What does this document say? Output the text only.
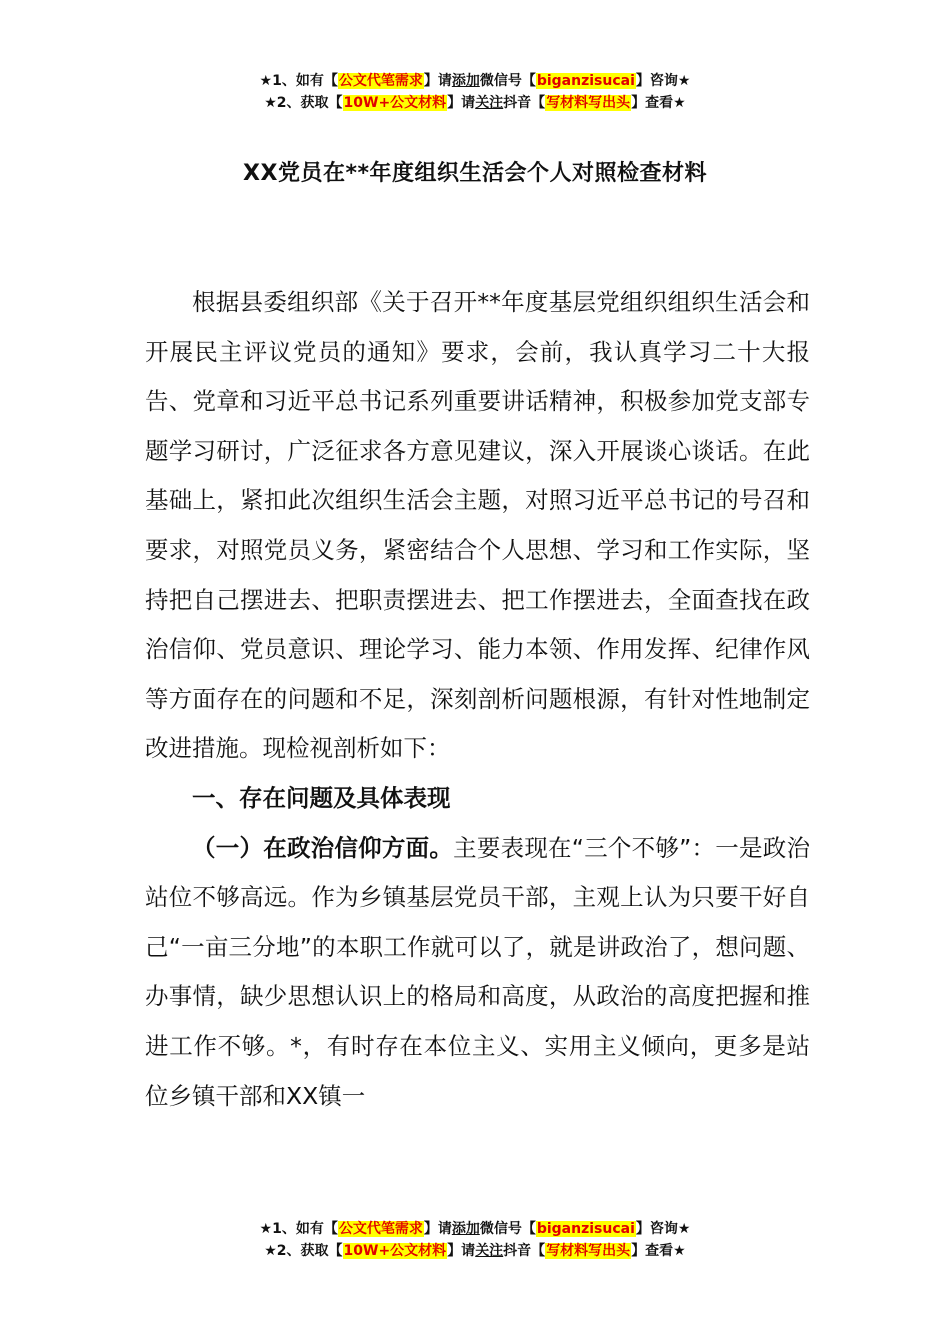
★1、如有【公文代笔需求】请添加微信号【biganzisucai】咨询★
★2、获取【10W+公文材料】请关注抖音【写材料写出头】查看★
XX党员在**年度组织生活会个人对照检查材料

根据县委组织部《关于召开**年度基层党组织组织生活会和开展民主评议党员的通知》要求，会前，我认真学习二十大报告、党章和习近平总书记系列重要讲话精神，积极参加党支部专题学习研讨，广泛征求各方意见建议，深入开展谈心谈话。在此基础上，紧扣此次组织生活会主题，对照习近平总书记的号召和要求，对照党员义务，紧密结合个人思想、学习和工作实际，坚持把自己摆进去、把职责摆进去、把工作摆进去，全面查找在政治信仰、党员意识、理论学习、能力本领、作用发挥、纪律作风等方面存在的问题和不足，深刻剖析问题根源，有针对性地制定改进措施。现检视剖析如下：

一、存在问题及具体表现

（一）在政治信仰方面。主要表现在“三个不够”：一是政治站位不够高远。作为乡镇基层党员干部，主观上认为只要干好自己“一亩三分地”的本职工作就可以了，就是讲政治了，想问题、办事情，缺少思想认识上的格局和高度，从政治的高度把握和推进工作不够。*，有时存在本位主义、实用主义倾向，更多是站位乡镇干部和XX镇一

★1、如有【公文代笔需求】请添加微信号【biganzisucai】咨询★
★2、获取【10W+公文材料】请关注抖音【写材料写出头】查看★
